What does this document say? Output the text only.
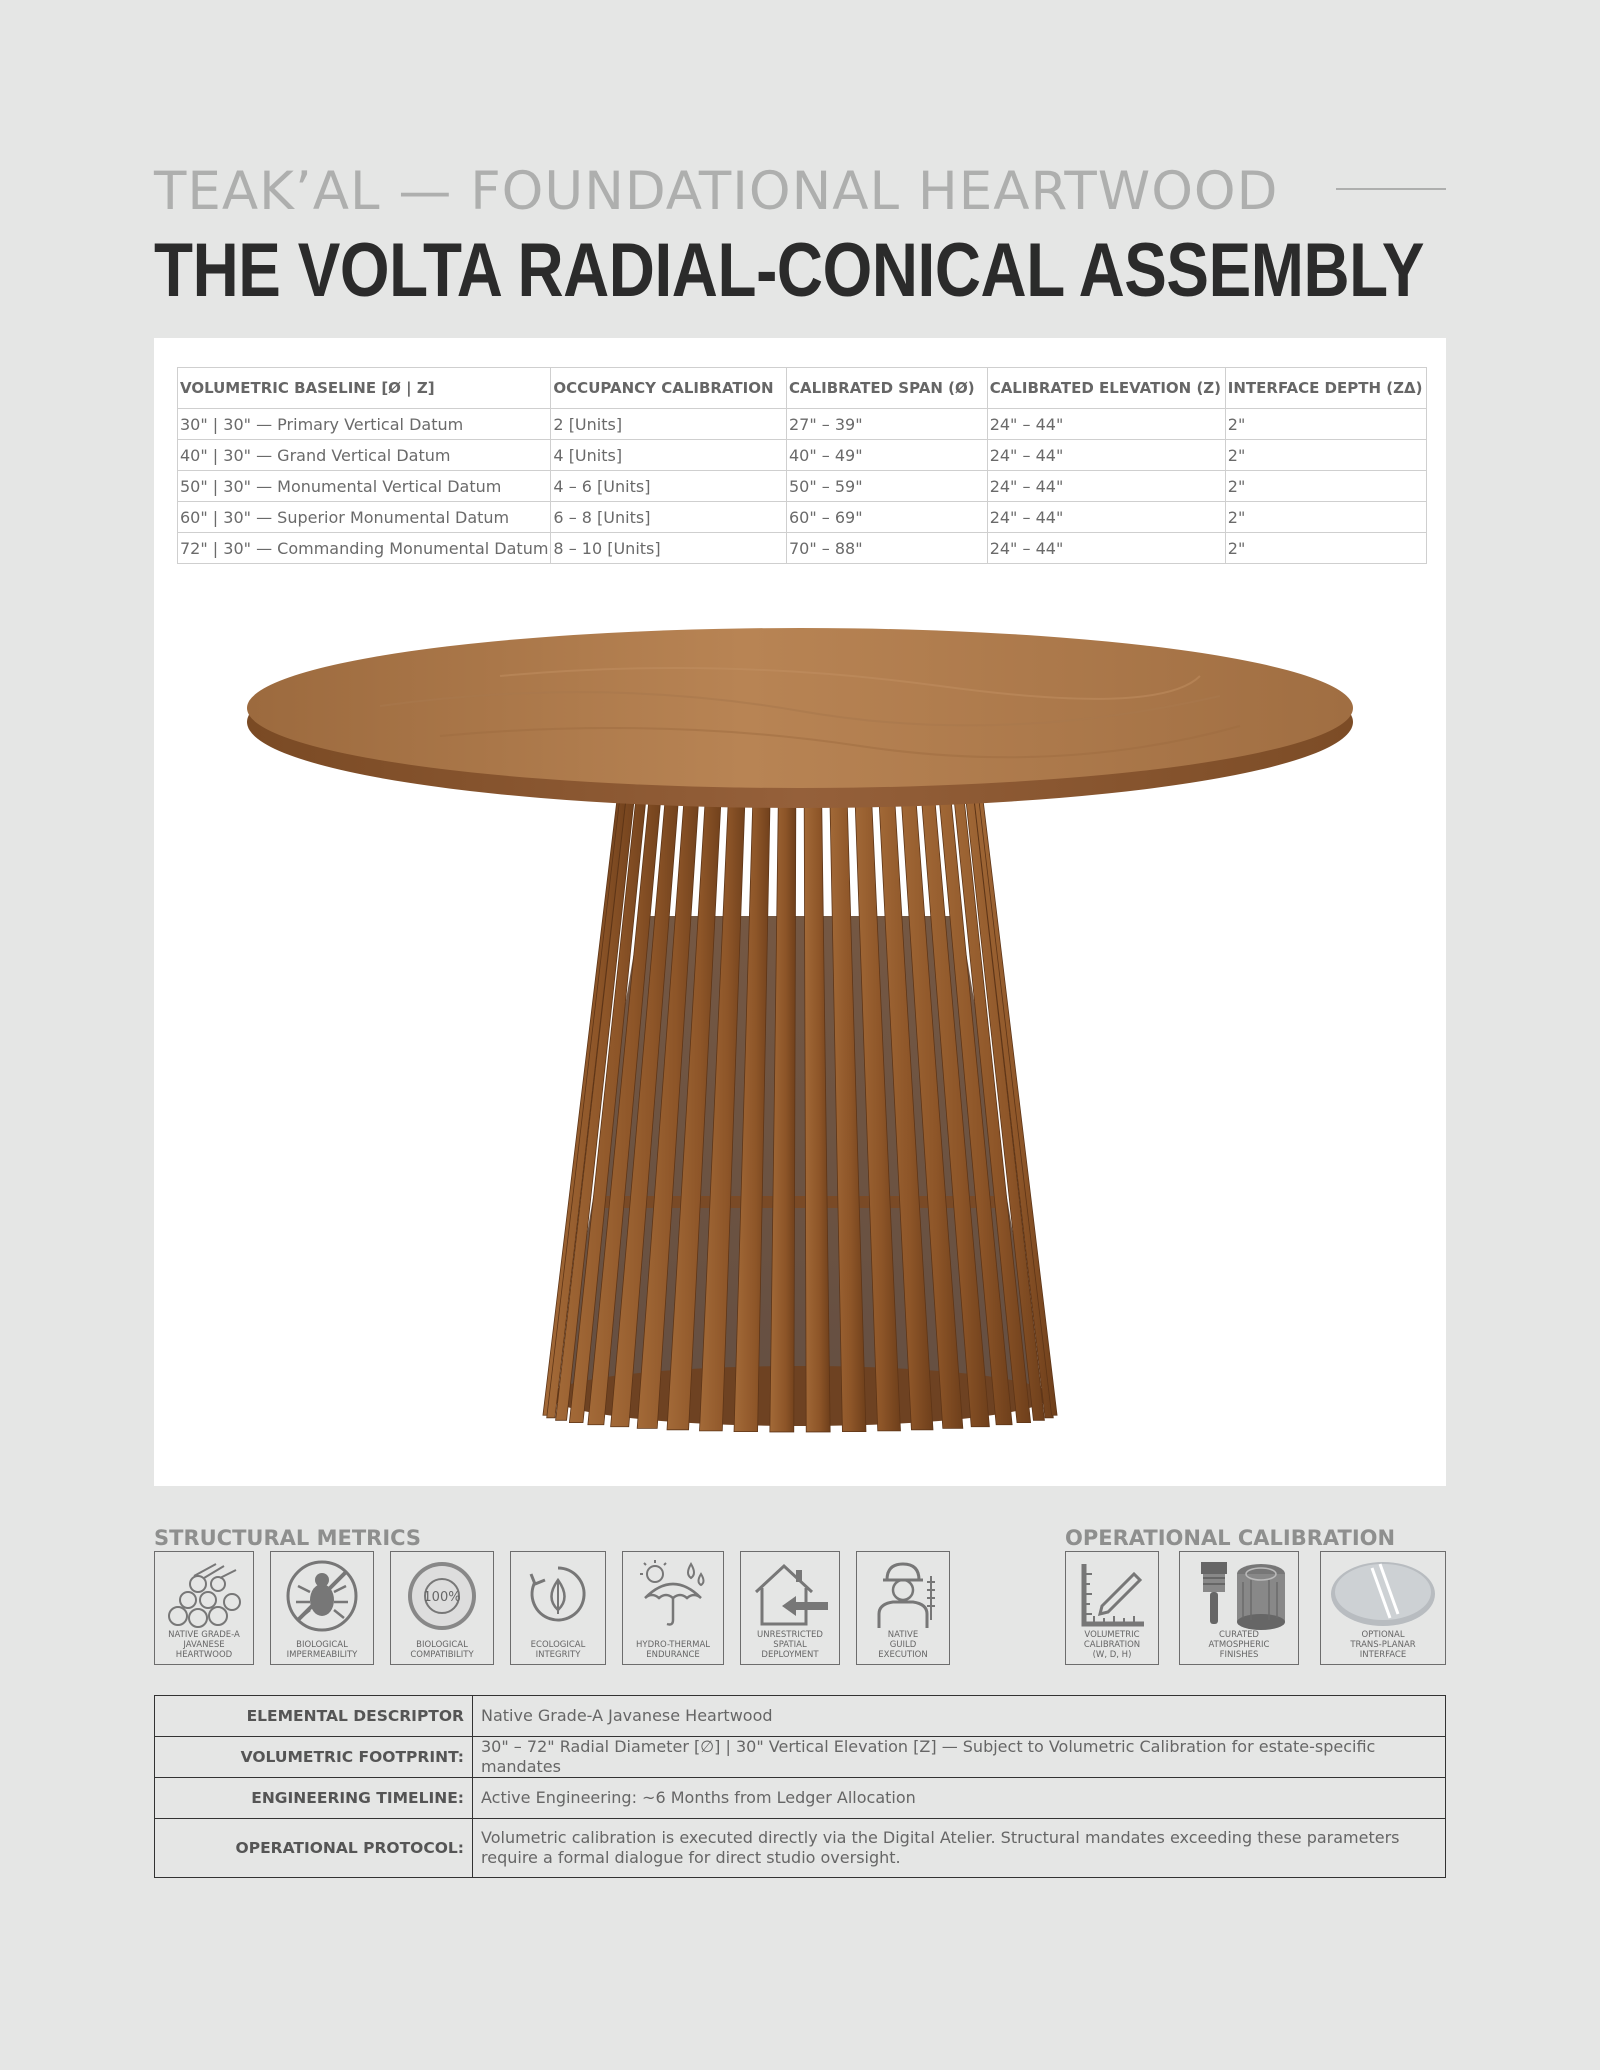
TEAK’AL — FOUNDATIONAL HEARTWOOD
THE VOLTA RADIAL-CONICAL ASSEMBLY
VOLUMETRIC BASELINE [Ø | Z]	OCCUPANCY CALIBRATION	CALIBRATED SPAN (Ø)	CALIBRATED ELEVATION (Z)	INTERFACE DEPTH (ZΔ)
30" | 30" — Primary Vertical Datum	2 [Units]	27" – 39"	24" – 44"	2"
40" | 30" — Grand Vertical Datum	4 [Units]	40" – 49"	24" – 44"	2"
50" | 30" — Monumental Vertical Datum	4 – 6 [Units]	50" – 59"	24" – 44"	2"
60" | 30" — Superior Monumental Datum	6 – 8 [Units]	60" – 69"	24" – 44"	2"
72" | 30" — Commanding Monumental Datum	8 – 10 [Units]	70" – 88"	24" – 44"	2"
STRUCTURAL METRICS	OPERATIONAL CALIBRATION
NATIVE GRADE-A
JAVANESE
HEARTWOOD
BIOLOGICAL
IMPERMEABILITY
100%
BIOLOGICAL
COMPATIBILITY
ECOLOGICAL
INTEGRITY
HYDRO-THERMAL
ENDURANCE
UNRESTRICTED
SPATIAL
DEPLOYMENT
NATIVE
GUILD
EXECUTION
VOLUMETRIC
CALIBRATION
(W, D, H)
CURATED
ATMOSPHERIC
FINISHES
OPTIONAL
TRANS-PLANAR
INTERFACE
ELEMENTAL DESCRIPTOR	Native Grade-A Javanese Heartwood
VOLUMETRIC FOOTPRINT:	30" – 72" Radial Diameter [∅] | 30" Vertical Elevation [Z] — Subject to Volumetric Calibration for estate-specific mandates
ENGINEERING TIMELINE:	Active Engineering: ~6 Months from Ledger Allocation
OPERATIONAL PROTOCOL:	Volumetric calibration is executed directly via the Digital Atelier. Structural mandates exceeding these parameters require a formal dialogue for direct studio oversight.
